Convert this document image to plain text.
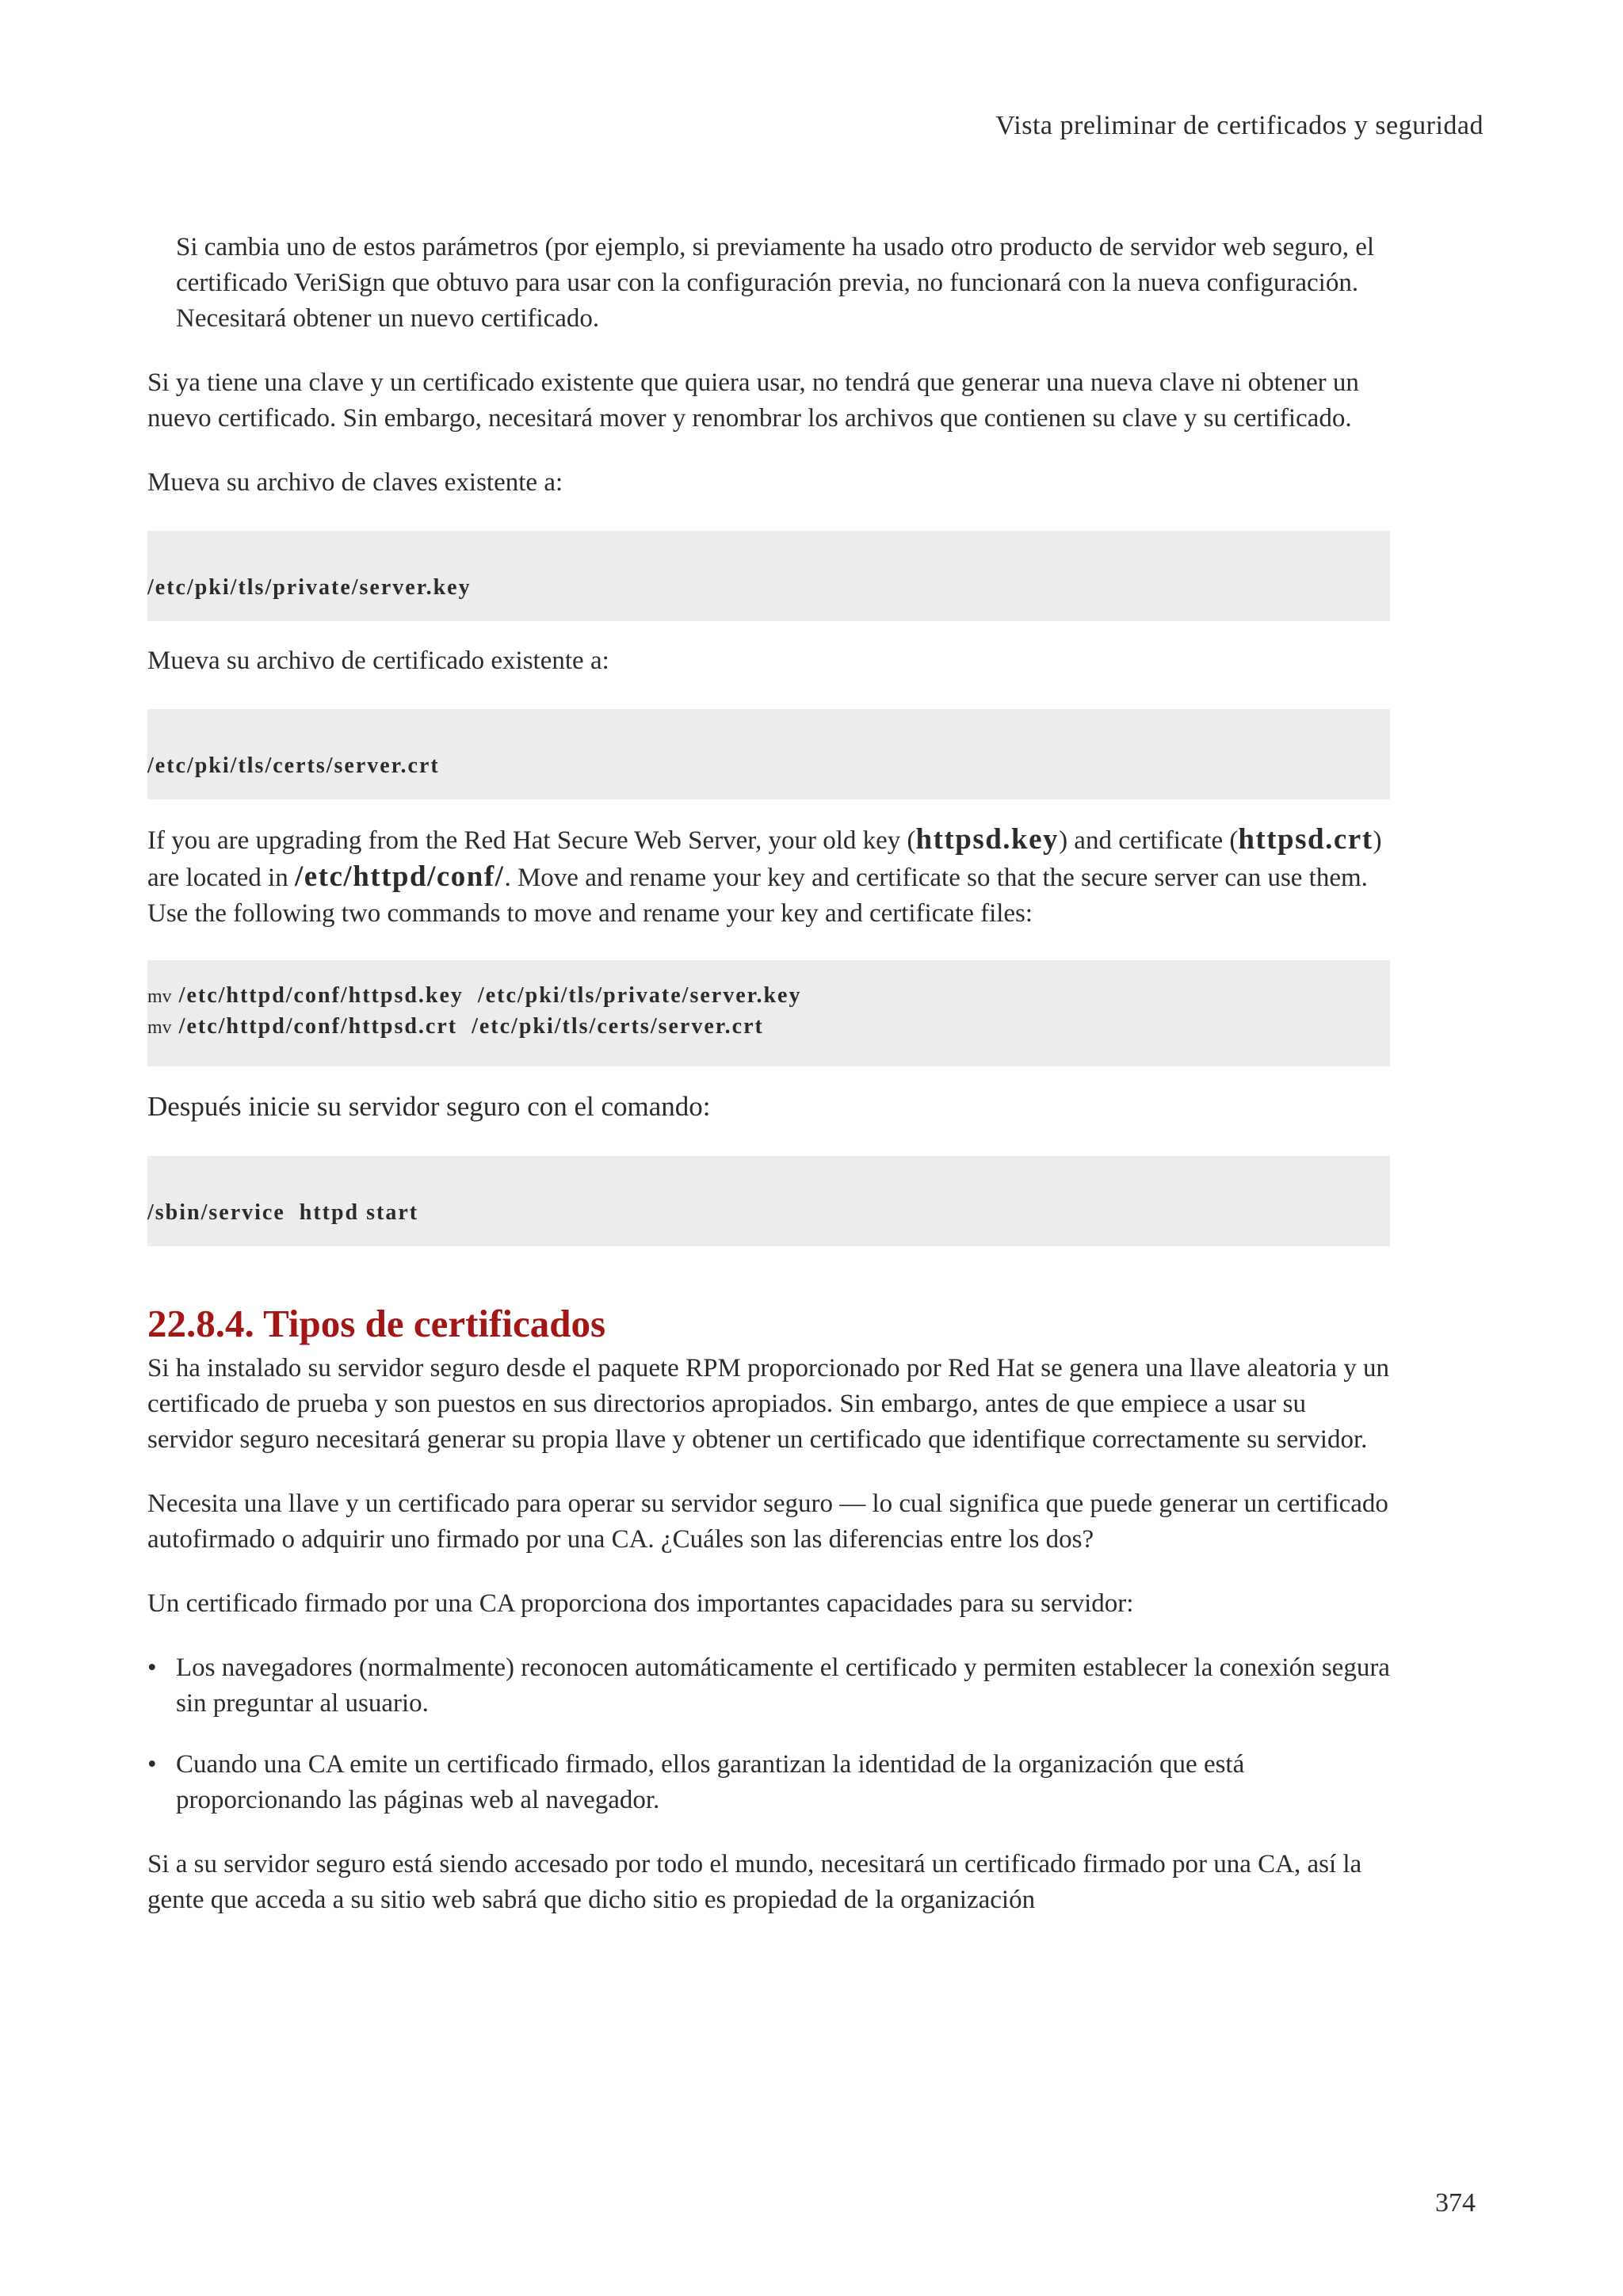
Vista preliminar de certificados y seguridad

Si cambia uno de estos parámetros (por ejemplo, si previamente ha usado otro producto de servidor web seguro, el certificado VeriSign que obtuvo para usar con la configuración previa, no funcionará con la nueva configuración. Necesitará obtener un nuevo certificado.

Si ya tiene una clave y un certificado existente que quiera usar, no tendrá que generar una nueva clave ni obtener un nuevo certificado. Sin embargo, necesitará mover y renombrar los archivos que contienen su clave y su certificado.

Mueva su archivo de claves existente a:

/etc/pki/tls/private/server.key

Mueva su archivo de certificado existente a:

/etc/pki/tls/certs/server.crt

If you are upgrading from the Red Hat Secure Web Server, your old key (httpsd.key) and certificate (httpsd.crt) are located in /etc/httpd/conf/. Move and rename your key and certificate so that the secure server can use them. Use the following two commands to move and rename your key and certificate files:

mv /etc/httpd/conf/httpsd.key  /etc/pki/tls/private/server.key
mv /etc/httpd/conf/httpsd.crt  /etc/pki/tls/certs/server.crt

Después inicie su servidor seguro con el comando:

/sbin/service  httpd start
22.8.4. Tipos de certificados

Si ha instalado su servidor seguro desde el paquete RPM proporcionado por Red Hat se genera una llave aleatoria y un certificado de prueba y son puestos en sus directorios apropiados. Sin embargo, antes de que empiece a usar su servidor seguro necesitará generar su propia llave y obtener un certificado que identifique correctamente su servidor.

Necesita una llave y un certificado para operar su servidor seguro — lo cual significa que puede generar un certificado autofirmado o adquirir uno firmado por una CA. ¿Cuáles son las diferencias entre los dos?

Un certificado firmado por una CA proporciona dos importantes capacidades para su servidor:

• Los navegadores (normalmente) reconocen automáticamente el certificado y permiten establecer la conexión segura sin preguntar al usuario.
• Cuando una CA emite un certificado firmado, ellos garantizan la identidad de la organización que está proporcionando las páginas web al navegador.

Si a su servidor seguro está siendo accesado por todo el mundo, necesitará un certificado firmado por una CA, así la gente que acceda a su sitio web sabrá que dicho sitio es propiedad de la organización

374
